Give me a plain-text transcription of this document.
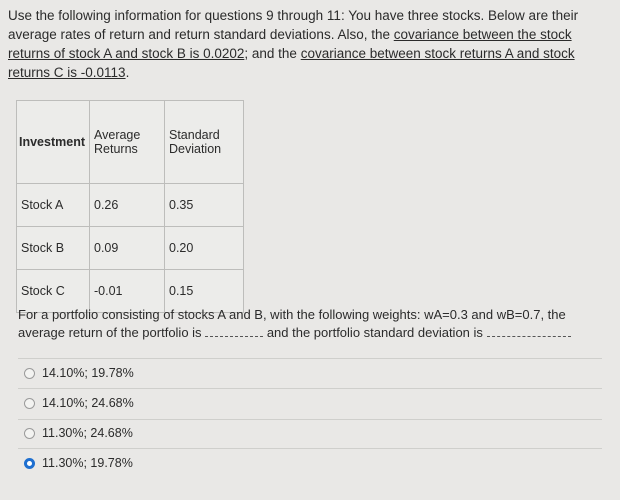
Use the following information for questions 9 through 11: You have three stocks. Below are their average rates of return and return standard deviations. Also, the covariance between the stock returns of stock A and stock B is 0.0202; and the covariance between stock returns A and stock returns C is -0.0113.
Investment	Average Returns	Standard Deviation
Stock A	0.26	0.35
Stock B	0.09	0.20
Stock C	-0.01	0.15
For a portfolio consisting of stocks A and B, with the following weights: wA=0.3 and wB=0.7, the
average return of the portfolio is	and the portfolio standard deviation is
14.10%; 19.78%
14.10%; 24.68%
11.30%; 24.68%
11.30%; 19.78%
